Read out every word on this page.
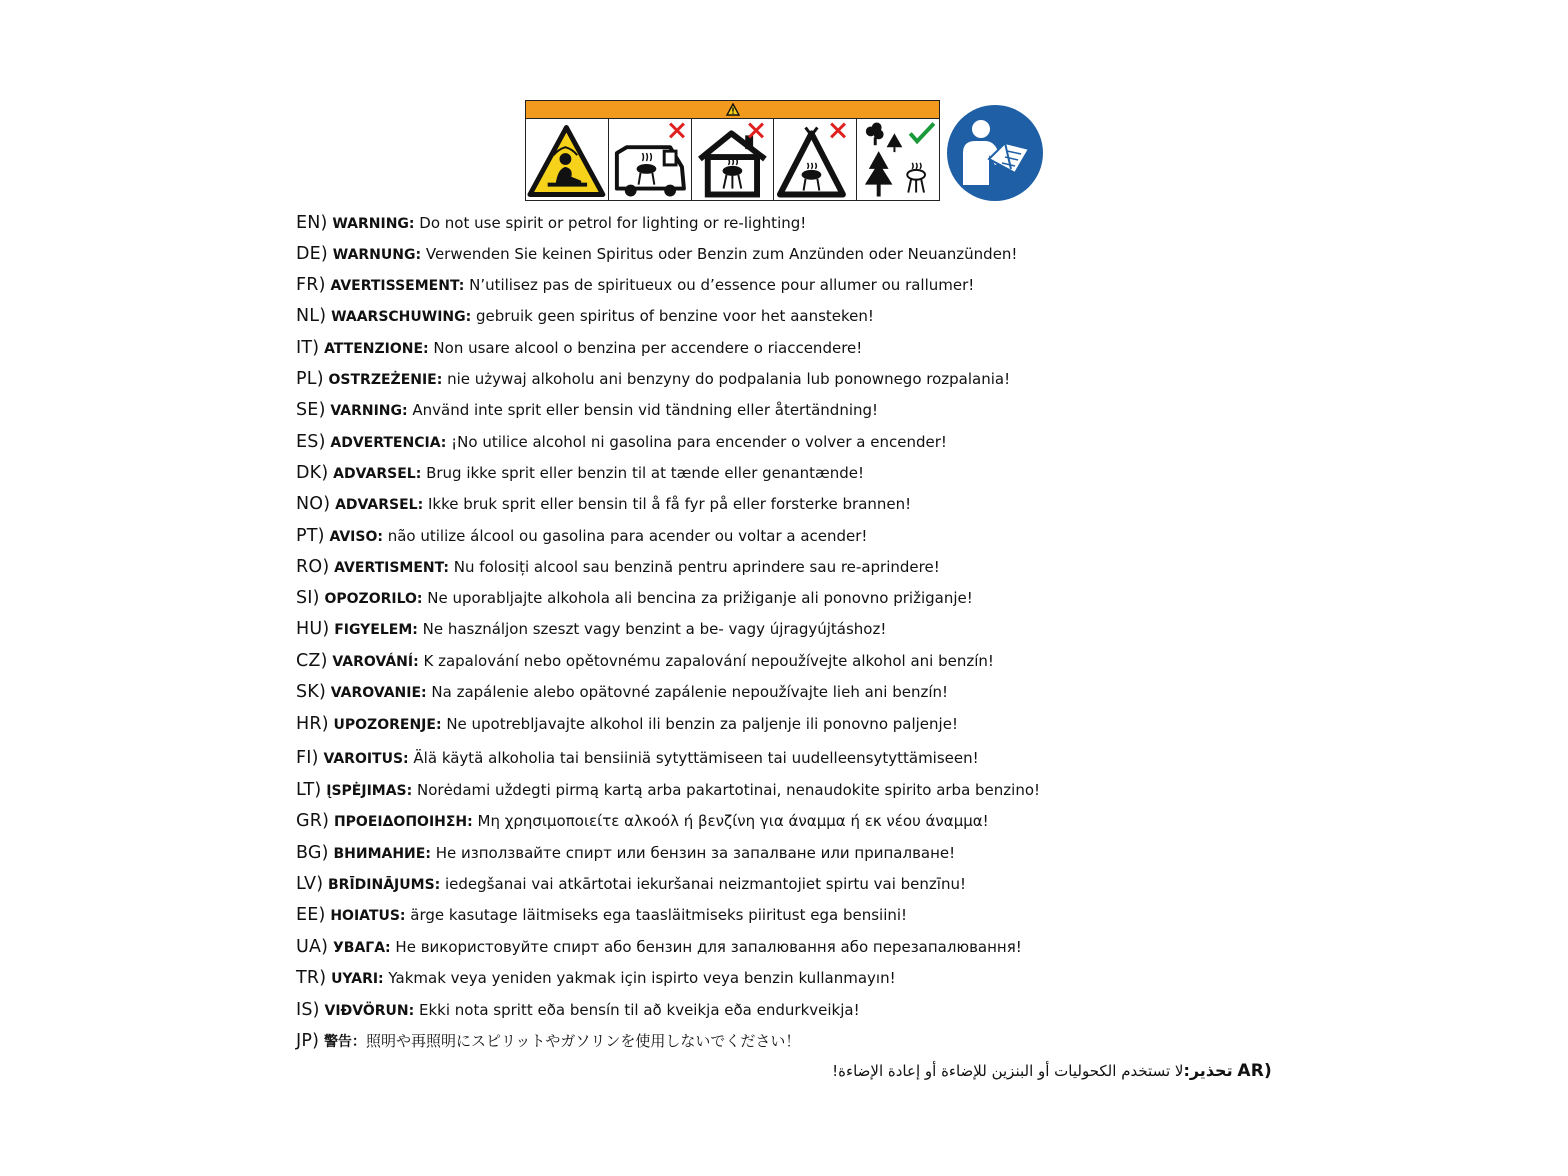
EN) WARNING: Do not use spirit or petrol for lighting or re-lighting!
DE) WARNUNG: Verwenden Sie keinen Spiritus oder Benzin zum Anzünden oder Neuanzünden!
FR) AVERTISSEMENT: N’utilisez pas de spiritueux ou d’essence pour allumer ou rallumer!
NL) WAARSCHUWING: gebruik geen spiritus of benzine voor het aansteken!
IT) ATTENZIONE: Non usare alcool o benzina per accendere o riaccendere!
PL) OSTRZEŻENIE: nie używaj alkoholu ani benzyny do podpalania lub ponownego rozpalania!
SE) VARNING: Använd inte sprit eller bensin vid tändning eller återtändning!
ES) ADVERTENCIA: ¡No utilice alcohol ni gasolina para encender o volver a encender!
DK) ADVARSEL: Brug ikke sprit eller benzin til at tænde eller genantænde!
NO) ADVARSEL: Ikke bruk sprit eller bensin til å få fyr på eller forsterke brannen!
PT) AVISO: não utilize álcool ou gasolina para acender ou voltar a acender!
RO) AVERTISMENT: Nu folosiți alcool sau benzină pentru aprindere sau re-aprindere!
SI) OPOZORILO: Ne uporabljajte alkohola ali bencina za prižiganje ali ponovno prižiganje!
HU) FIGYELEM: Ne használjon szeszt vagy benzint a be- vagy újragyújtáshoz!
CZ) VAROVÁNÍ: K zapalování nebo opětovnému zapalování nepoužívejte alkohol ani benzín!
SK) VAROVANIE: Na zapálenie alebo opätovné zapálenie nepoužívajte lieh ani benzín!
HR) UPOZORENJE: Ne upotrebljavajte alkohol ili benzin za paljenje ili ponovno paljenje!
FI) VAROITUS: Älä käytä alkoholia tai bensiiniä sytyttämiseen tai uudelleensytyttämiseen!
LT) ĮSPĖJIMAS: Norėdami uždegti pirmą kartą arba pakartotinai, nenaudokite spirito arba benzino!
GR) ΠΡΟΕΙΔΟΠΟΙΗΣΗ: Μη χρησιμοποιείτε αλκοόλ ή βενζίνη για άναμμα ή εκ νέου άναμμα!
BG) ВНИМАНИЕ: Не използвайте спирт или бензин за запалване или припалване!
LV) BRĪDINĀJUMS: iedegšanai vai atkārtotai iekuršanai neizmantojiet spirtu vai benzīnu!
EE) HOIATUS: ärge kasutage läitmiseks ega taasläitmiseks piiritust ega bensiini!
UA) УВАГА: Не використовуйте спирт або бензин для запалювання або перезапалювання!
TR) UYARI: Yakmak veya yeniden yakmak için ispirto veya benzin kullanmayın!
IS) VIÐVÖRUN: Ekki nota spritt eða bensín til að kveikja eða endurkveikja!
JP) 警告：照明や再照明にスピリットやガソリンを使用しないでください！
لا تستخدم الكحوليات أو البنزين للإضاءة أو إعادة الإضاءة!تحذير: AR)
